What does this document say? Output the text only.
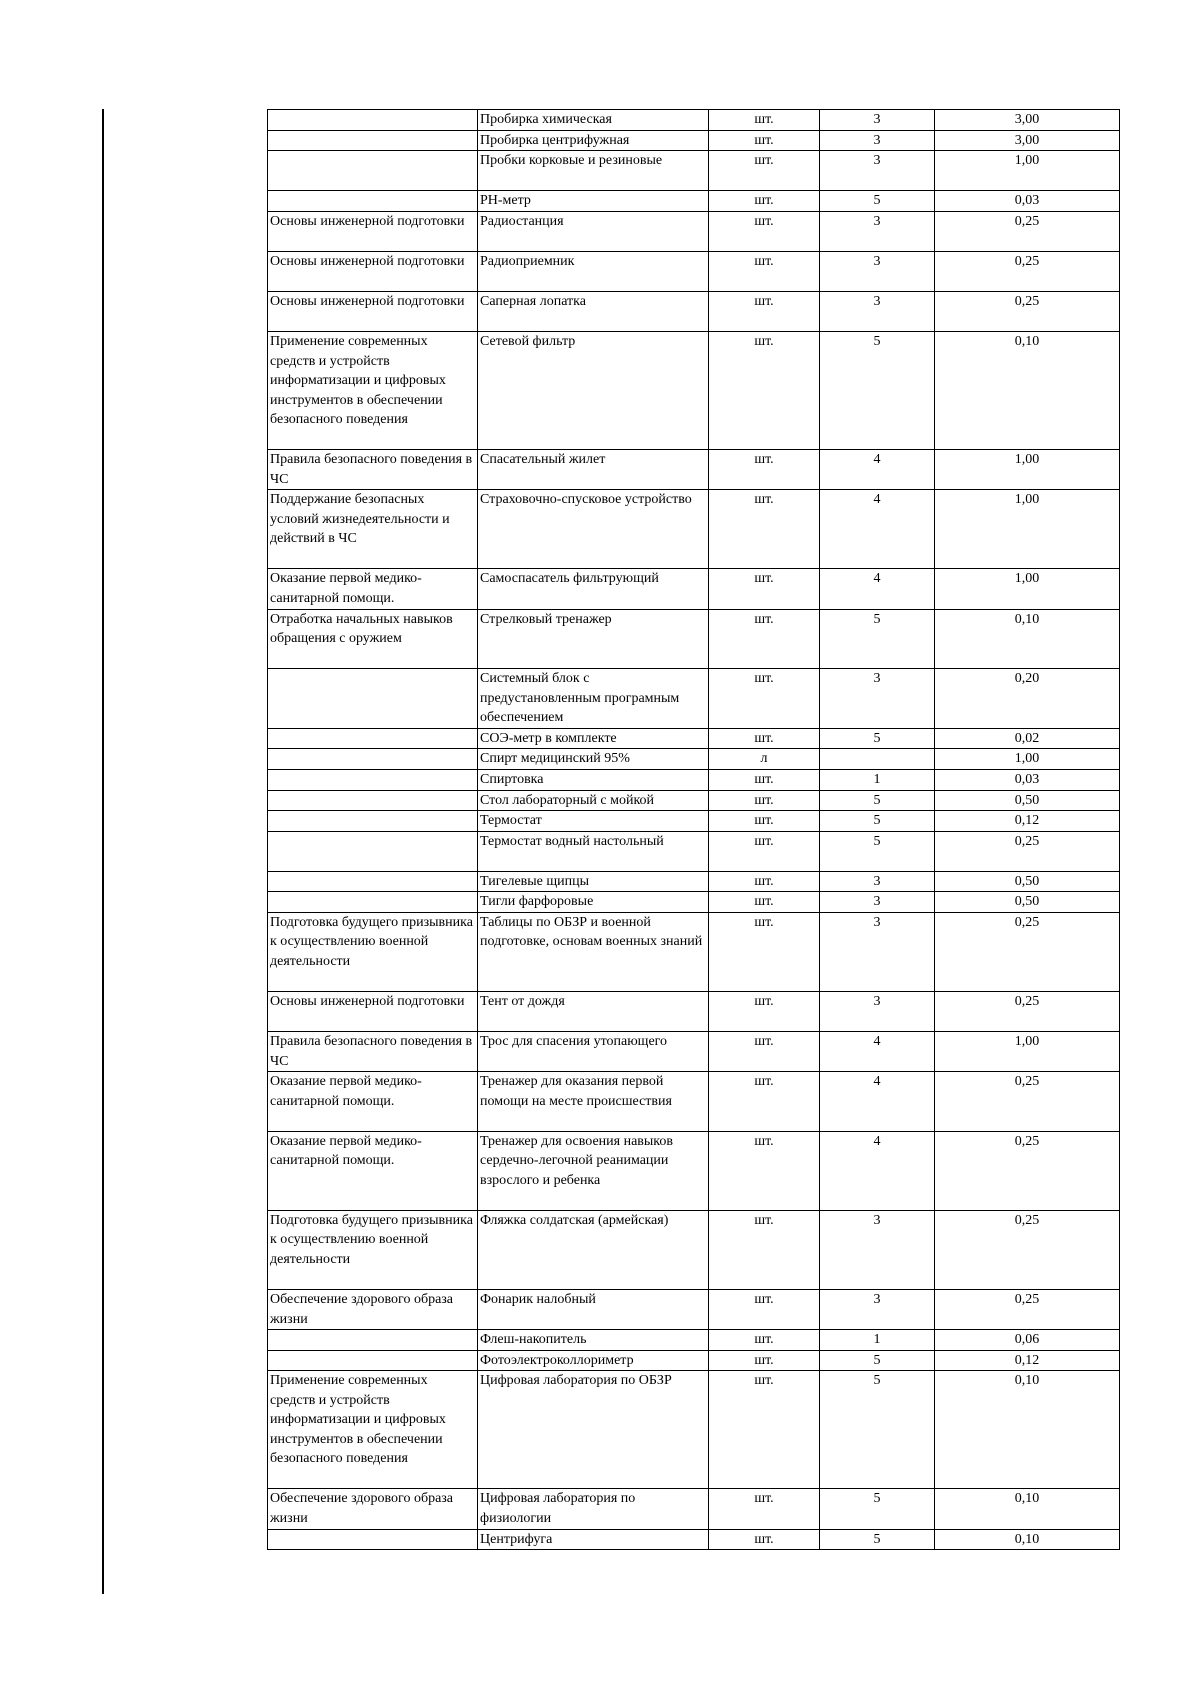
	Пробирка химическая	шт.	3	3,00
	Пробирка центрифужная	шт.	3	3,00
	Пробки корковые и резиновые	шт.	3	1,00
	РН-метр	шт.	5	0,03
Основы инженерной подготовки	Радиостанция	шт.	3	0,25
Основы инженерной подготовки	Радиоприемник	шт.	3	0,25
Основы инженерной подготовки	Саперная лопатка	шт.	3	0,25
Применение современных средств и устройств информатизации и цифровых инструментов в обеспечении безопасного поведения	Сетевой фильтр	шт.	5	0,10
Правила безопасного поведения в ЧС	Спасательный жилет	шт.	4	1,00
Поддержание безопасных условий жизнедеятельности и действий в ЧС	Страховочно-спусковое устройство	шт.	4	1,00
Оказание первой медико-санитарной помощи.	Самоспасатель фильтрующий	шт.	4	1,00
Отработка начальных навыков обращения с оружием	Стрелковый тренажер	шт.	5	0,10
	Системный блок с предустановленным програмным обеспечением	шт.	3	0,20
	СОЭ-метр в комплекте	шт.	5	0,02
	Спирт медицинский 95%	л		1,00
	Спиртовка	шт.	1	0,03
	Стол лабораторный с мойкой	шт.	5	0,50
	Термостат	шт.	5	0,12
	Термостат водный настольный	шт.	5	0,25
	Тигелевые щипцы	шт.	3	0,50
	Тигли фарфоровые	шт.	3	0,50
Подготовка будущего призывника к осуществлению военной деятельности	Таблицы по ОБЗР и военной подготовке, основам военных знаний	шт.	3	0,25
Основы инженерной подготовки	Тент от дождя	шт.	3	0,25
Правила безопасного поведения в ЧС	Трос для спасения утопающего	шт.	4	1,00
Оказание первой медико-санитарной помощи.	Тренажер для оказания первой помощи на месте происшествия	шт.	4	0,25
Оказание первой медико-санитарной помощи.	Тренажер для освоения навыков сердечно-легочной реанимации взрослого и ребенка	шт.	4	0,25
Подготовка будущего призывника к осуществлению военной деятельности	Фляжка солдатская (армейская)	шт.	3	0,25
Обеспечение здорового образа жизни	Фонарик налобный	шт.	3	0,25
	Флеш-накопитель	шт.	1	0,06
	Фотоэлектроколлориметр	шт.	5	0,12
Применение современных средств и устройств информатизации и цифровых инструментов в обеспечении безопасного поведения	Цифровая лаборатория по ОБЗР	шт.	5	0,10
Обеспечение здорового образа жизни	Цифровая лаборатория по физиологии	шт.	5	0,10
	Центрифуга	шт.	5	0,10
